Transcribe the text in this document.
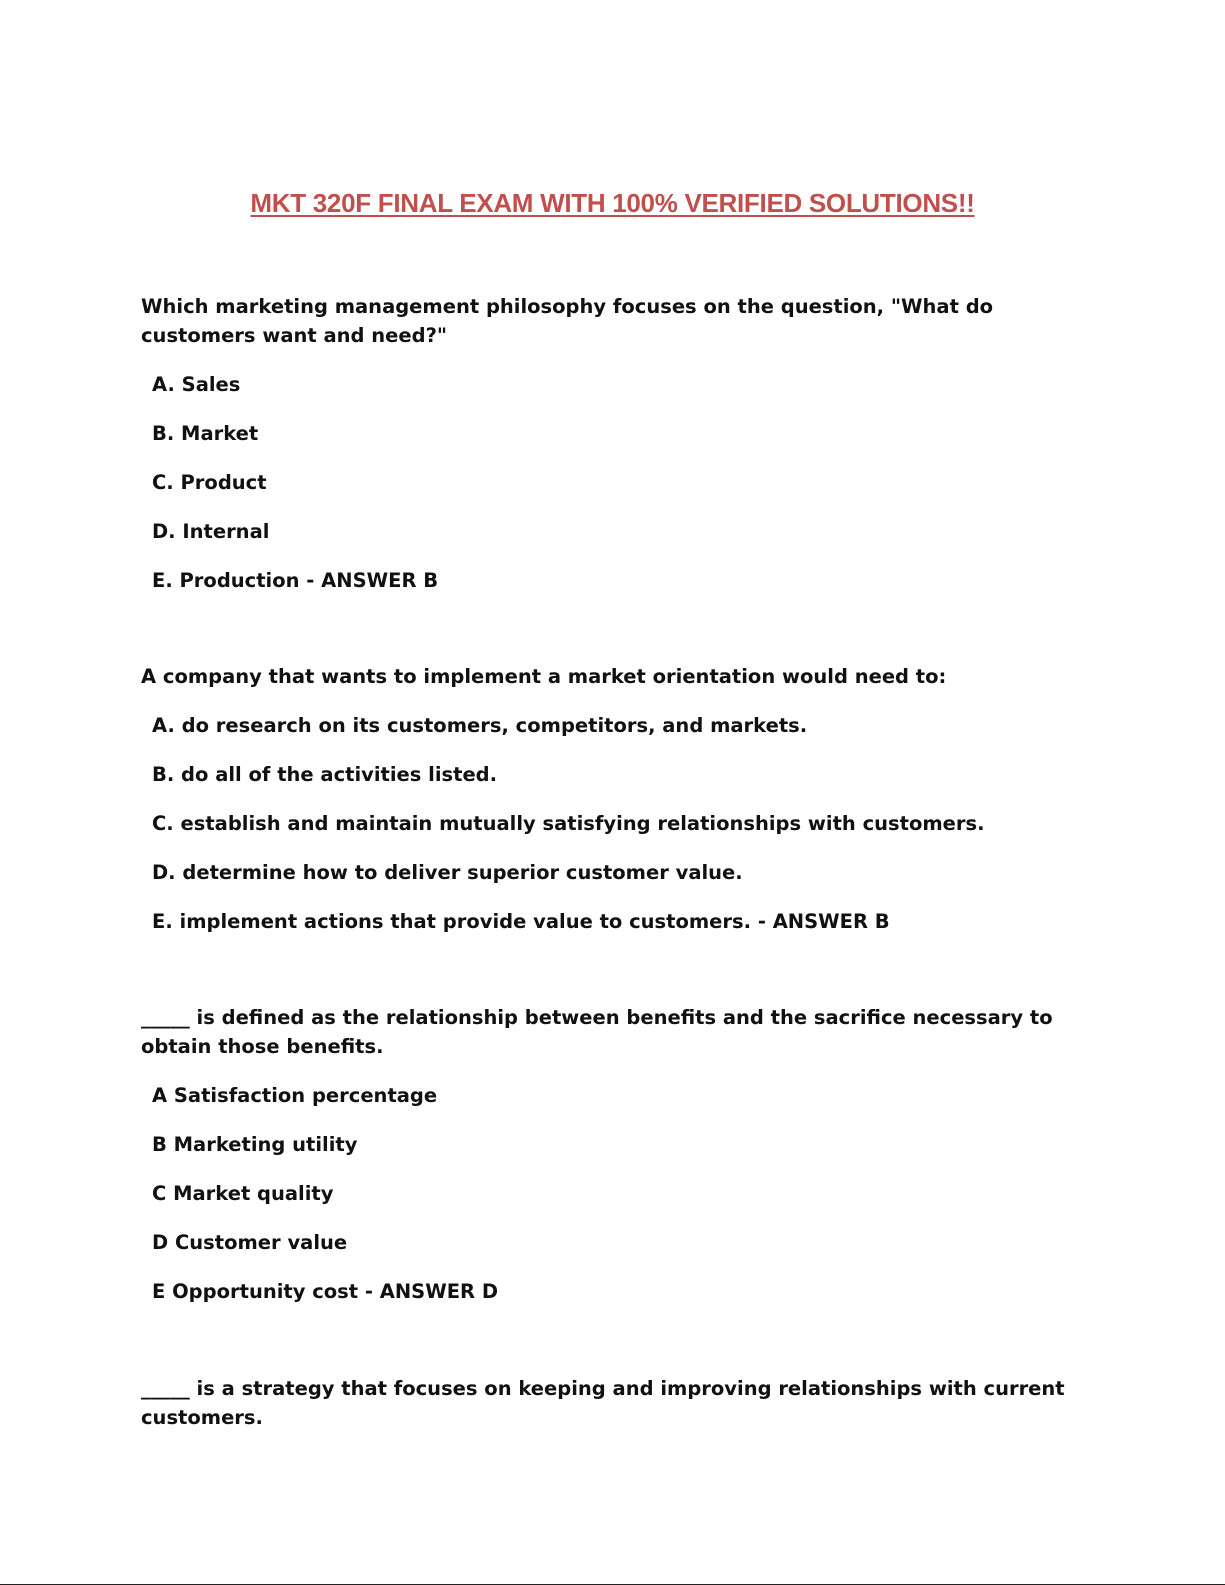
MKT 320F FINAL EXAM WITH 100% VERIFIED SOLUTIONS!!

Which marketing management philosophy focuses on the question, "What do customers want and need?"

A. Sales
B. Market
C. Product
D. Internal
E. Production - ANSWER B

A company that wants to implement a market orientation would need to:

A. do research on its customers, competitors, and markets.
B. do all of the activities listed.
C. establish and maintain mutually satisfying relationships with customers.
D. determine how to deliver superior customer value.
E. implement actions that provide value to customers. - ANSWER B

_____ is defined as the relationship between benefits and the sacrifice necessary to obtain those benefits.

A Satisfaction percentage
B Marketing utility
C Market quality
D Customer value
E Opportunity cost - ANSWER D

_____ is a strategy that focuses on keeping and improving relationships with current customers.
